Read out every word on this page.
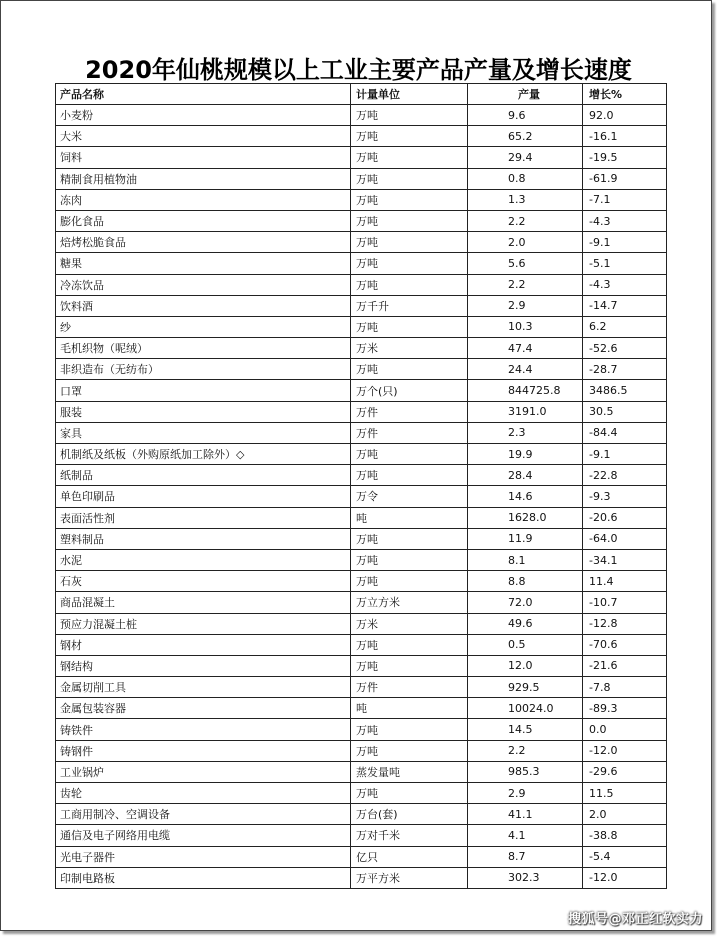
2020年仙桃规模以上工业主要产品产量及增长速度
产品名称	计量单位	产量	增长%
小麦粉	万吨	9.6	92.0
大米	万吨	65.2	-16.1
饲料	万吨	29.4	-19.5
精制食用植物油	万吨	0.8	-61.9
冻肉	万吨	1.3	-7.1
膨化食品	万吨	2.2	-4.3
焙烤松脆食品	万吨	2.0	-9.1
糖果	万吨	5.6	-5.1
冷冻饮品	万吨	2.2	-4.3
饮料酒	万千升	2.9	-14.7
纱	万吨	10.3	6.2
毛机织物（呢绒）	万米	47.4	-52.6
非织造布（无纺布）	万吨	24.4	-28.7
口罩	万个(只)	844725.8	3486.5
服装	万件	3191.0	30.5
家具	万件	2.3	-84.4
机制纸及纸板（外购原纸加工除外）◇	万吨	19.9	-9.1
纸制品	万吨	28.4	-22.8
单色印刷品	万令	14.6	-9.3
表面活性剂	吨	1628.0	-20.6
塑料制品	万吨	11.9	-64.0
水泥	万吨	8.1	-34.1
石灰	万吨	8.8	11.4
商品混凝土	万立方米	72.0	-10.7
预应力混凝土桩	万米	49.6	-12.8
钢材	万吨	0.5	-70.6
钢结构	万吨	12.0	-21.6
金属切削工具	万件	929.5	-7.8
金属包装容器	吨	10024.0	-89.3
铸铁件	万吨	14.5	0.0
铸钢件	万吨	2.2	-12.0
工业锅炉	蒸发量吨	985.3	-29.6
齿轮	万吨	2.9	11.5
工商用制冷、空调设备	万台(套)	41.1	2.0
通信及电子网络用电缆	万对千米	4.1	-38.8
光电子器件	亿只	8.7	-5.4
印制电路板	万平方米	302.3	-12.0
搜狐号@邓正红软实力
